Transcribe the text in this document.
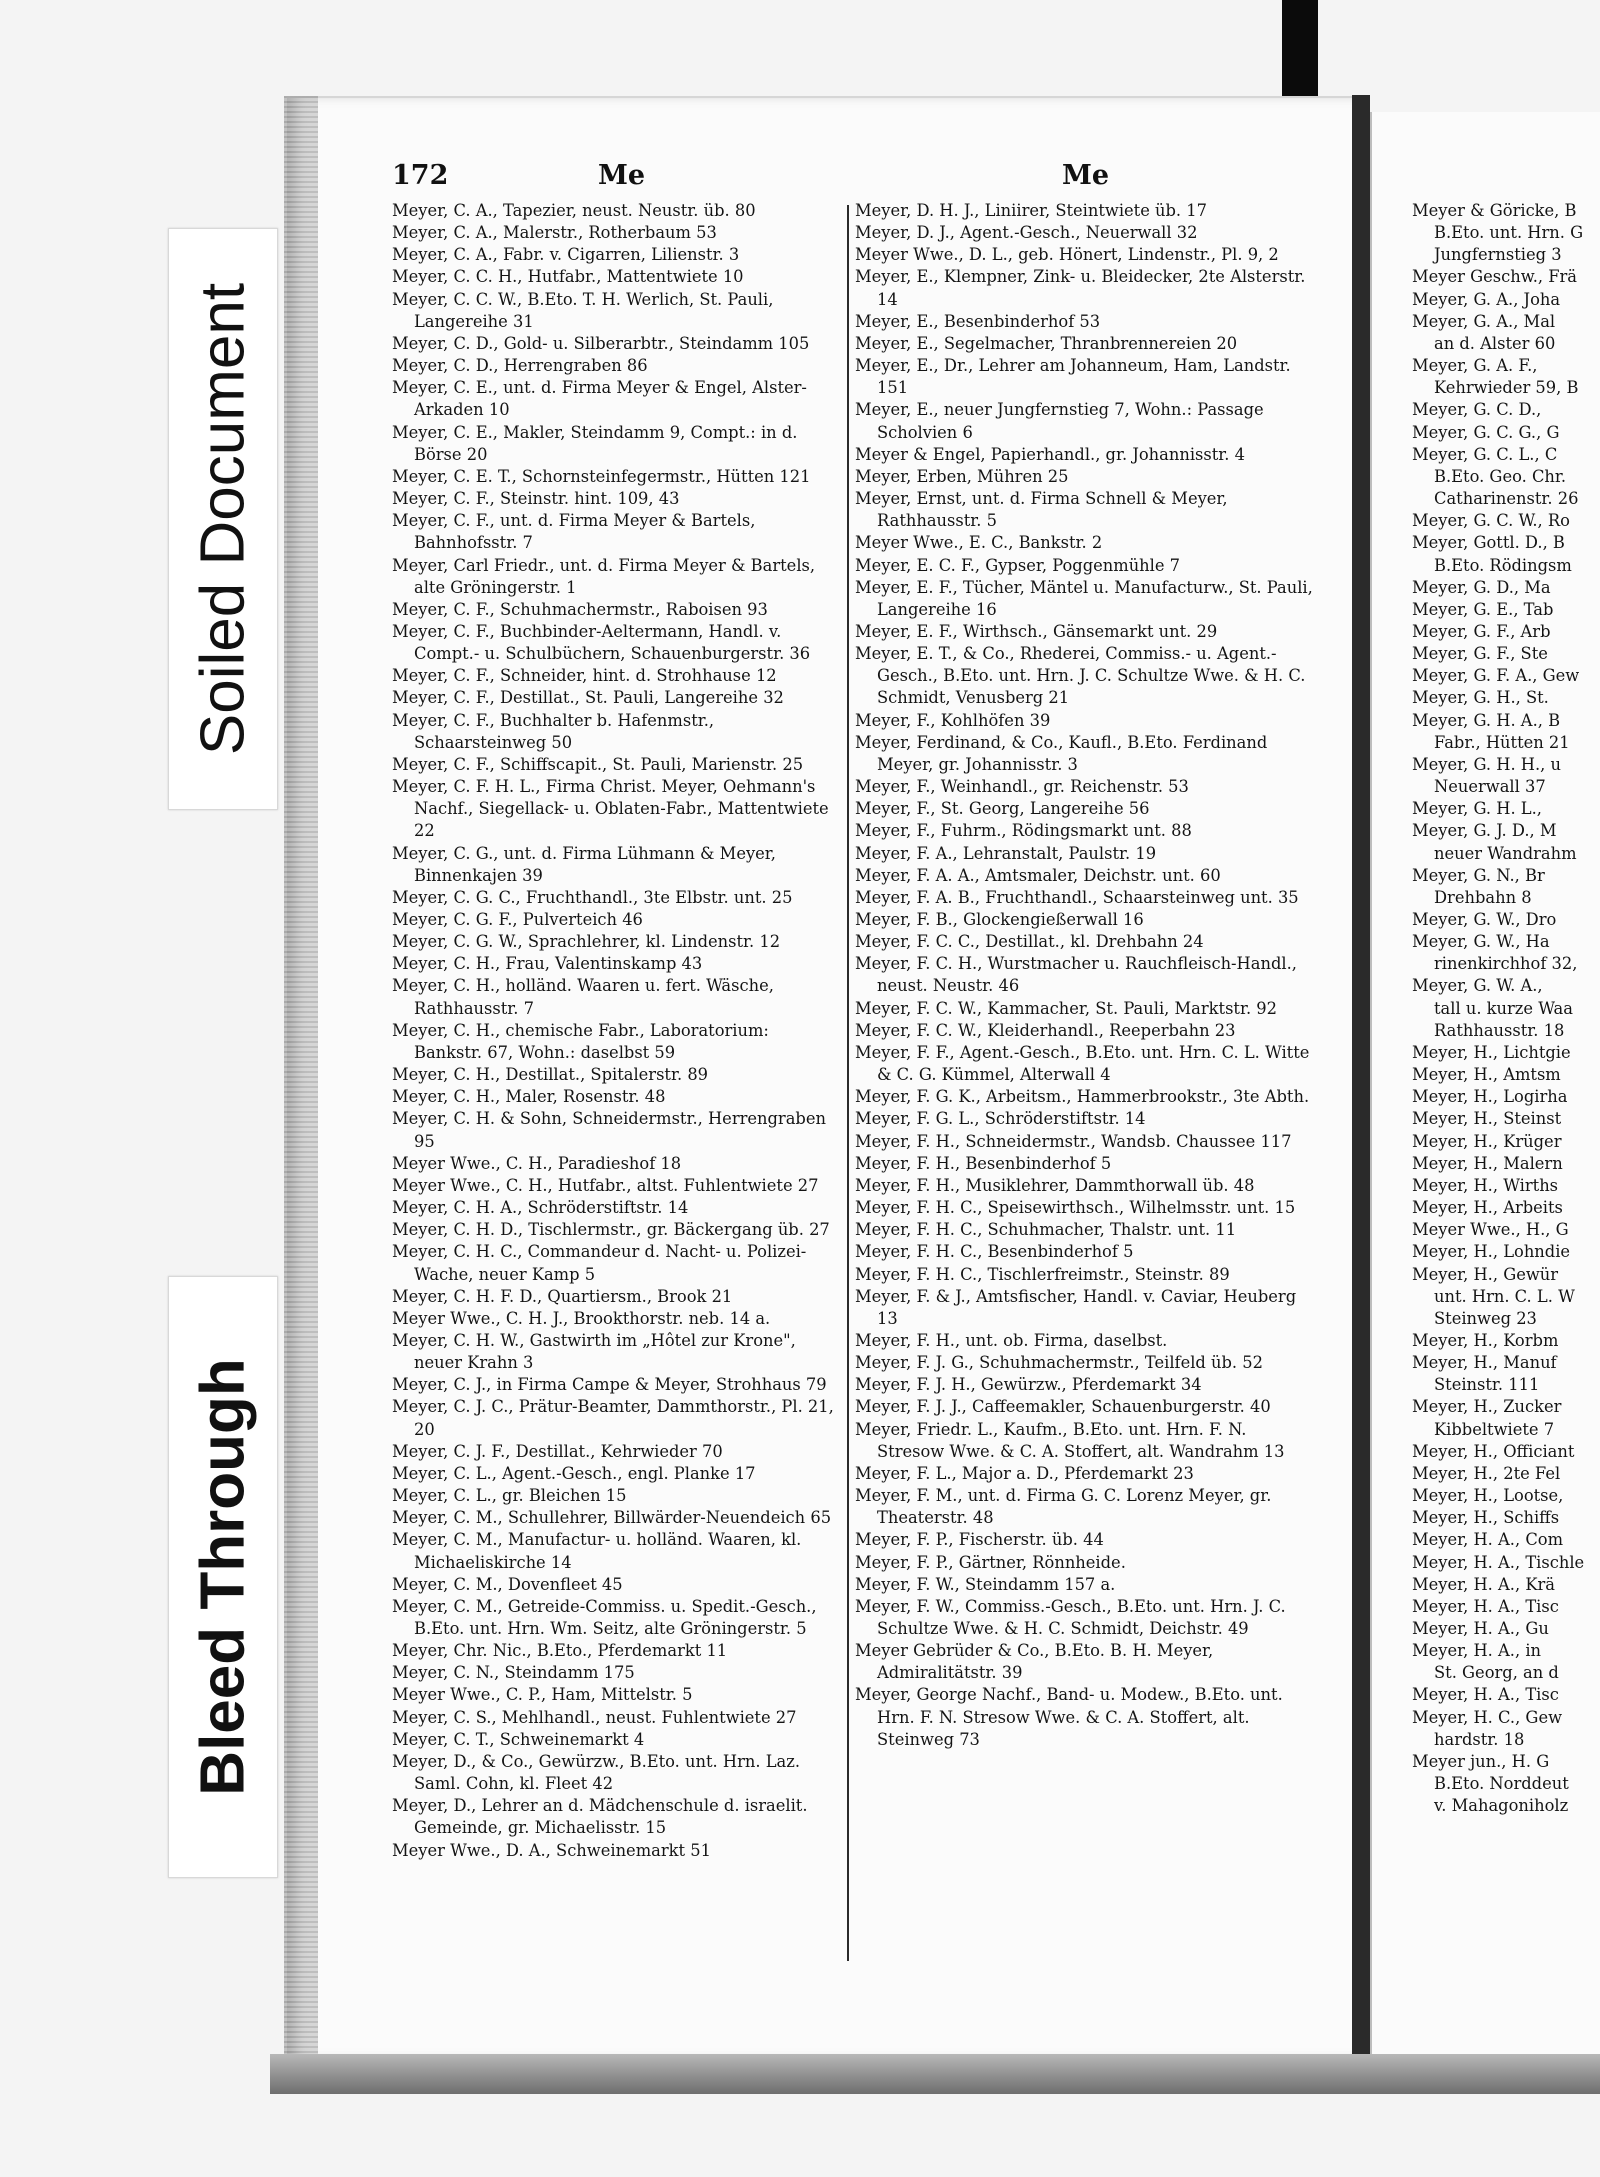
Soiled Document
Bleed Through
172	Me	Me

Meyer, C. A., Tapezier, neust. Neustr. üb. 80

Meyer, C. A., Malerstr., Rotherbaum 53

Meyer, C. A., Fabr. v. Cigarren, Lilienstr. 3

Meyer, C. C. H., Hutfabr., Mattentwiete 10

Meyer, C. C. W., B.Eto. T. H. Werlich, St. Pauli, Langereihe 31

Meyer, C. D., Gold- u. Silberarbtr., Steindamm 105

Meyer, C. D., Herrengraben 86

Meyer, C. E., unt. d. Firma Meyer & Engel, Alster-Arkaden 10

Meyer, C. E., Makler, Steindamm 9, Compt.: in d. Börse 20

Meyer, C. E. T., Schornsteinfegermstr., Hütten 121

Meyer, C. F., Steinstr. hint. 109, 43

Meyer, C. F., unt. d. Firma Meyer & Bartels, Bahnhofsstr. 7

Meyer, Carl Friedr., unt. d. Firma Meyer & Bartels, alte Gröningerstr. 1

Meyer, C. F., Schuhmachermstr., Raboisen 93

Meyer, C. F., Buchbinder-Aeltermann, Handl. v. Compt.- u. Schulbüchern, Schauenburgerstr. 36

Meyer, C. F., Schneider, hint. d. Strohhause 12

Meyer, C. F., Destillat., St. Pauli, Langereihe 32

Meyer, C. F., Buchhalter b. Hafenmstr., Schaarsteinweg 50

Meyer, C. F., Schiffscapit., St. Pauli, Marienstr. 25

Meyer, C. F. H. L., Firma Christ. Meyer, Oehmann's Nachf., Siegellack- u. Oblaten-Fabr., Mattentwiete 22

Meyer, C. G., unt. d. Firma Lühmann & Meyer, Binnenkajen 39

Meyer, C. G. C., Fruchthandl., 3te Elbstr. unt. 25

Meyer, C. G. F., Pulverteich 46

Meyer, C. G. W., Sprachlehrer, kl. Lindenstr. 12

Meyer, C. H., Frau, Valentinskamp 43

Meyer, C. H., holländ. Waaren u. fert. Wäsche, Rathhausstr. 7

Meyer, C. H., chemische Fabr., Laboratorium: Bankstr. 67, Wohn.: daselbst 59

Meyer, C. H., Destillat., Spitalerstr. 89

Meyer, C. H., Maler, Rosenstr. 48

Meyer, C. H. & Sohn, Schneidermstr., Herrengraben 95

Meyer Wwe., C. H., Paradieshof 18

Meyer Wwe., C. H., Hutfabr., altst. Fuhlentwiete 27

Meyer, C. H. A., Schröderstiftstr. 14

Meyer, C. H. D., Tischlermstr., gr. Bäckergang üb. 27

Meyer, C. H. C., Commandeur d. Nacht- u. Polizei-Wache, neuer Kamp 5

Meyer, C. H. F. D., Quartiersm., Brook 21

Meyer Wwe., C. H. J., Brookthorstr. neb. 14 a.

Meyer, C. H. W., Gastwirth im „Hôtel zur Krone", neuer Krahn 3

Meyer, C. J., in Firma Campe & Meyer, Strohhaus 79

Meyer, C. J. C., Prätur-Beamter, Dammthorstr., Pl. 21, 20

Meyer, C. J. F., Destillat., Kehrwieder 70

Meyer, C. L., Agent.-Gesch., engl. Planke 17

Meyer, C. L., gr. Bleichen 15

Meyer, C. M., Schullehrer, Billwärder-Neuendeich 65

Meyer, C. M., Manufactur- u. holländ. Waaren, kl. Michaeliskirche 14

Meyer, C. M., Dovenfleet 45

Meyer, C. M., Getreide-Commiss. u. Spedit.-Gesch., B.Eto. unt. Hrn. Wm. Seitz, alte Gröningerstr. 5

Meyer, Chr. Nic., B.Eto., Pferdemarkt 11

Meyer, C. N., Steindamm 175

Meyer Wwe., C. P., Ham, Mittelstr. 5

Meyer, C. S., Mehlhandl., neust. Fuhlentwiete 27

Meyer, C. T., Schweinemarkt 4

Meyer, D., & Co., Gewürzw., B.Eto. unt. Hrn. Laz. Saml. Cohn, kl. Fleet 42

Meyer, D., Lehrer an d. Mädchenschule d. israelit. Gemeinde, gr. Michaelisstr. 15

Meyer Wwe., D. A., Schweinemarkt 51

Meyer, D. H. J., Liniirer, Steintwiete üb. 17

Meyer, D. J., Agent.-Gesch., Neuerwall 32

Meyer Wwe., D. L., geb. Hönert, Lindenstr., Pl. 9, 2

Meyer, E., Klempner, Zink- u. Bleidecker, 2te Alsterstr. 14

Meyer, E., Besenbinderhof 53

Meyer, E., Segelmacher, Thranbrennereien 20

Meyer, E., Dr., Lehrer am Johanneum, Ham, Landstr. 151

Meyer, E., neuer Jungfernstieg 7, Wohn.: Passage Scholvien 6

Meyer & Engel, Papierhandl., gr. Johannisstr. 4

Meyer, Erben, Mühren 25

Meyer, Ernst, unt. d. Firma Schnell & Meyer, Rathhausstr. 5

Meyer Wwe., E. C., Bankstr. 2

Meyer, E. C. F., Gypser, Poggenmühle 7

Meyer, E. F., Tücher, Mäntel u. Manufacturw., St. Pauli, Langereihe 16

Meyer, E. F., Wirthsch., Gänsemarkt unt. 29

Meyer, E. T., & Co., Rhederei, Commiss.- u. Agent.-Gesch., B.Eto. unt. Hrn. J. C. Schultze Wwe. & H. C. Schmidt, Venusberg 21

Meyer, F., Kohlhöfen 39

Meyer, Ferdinand, & Co., Kaufl., B.Eto. Ferdinand Meyer, gr. Johannisstr. 3

Meyer, F., Weinhandl., gr. Reichenstr. 53

Meyer, F., St. Georg, Langereihe 56

Meyer, F., Fuhrm., Rödingsmarkt unt. 88

Meyer, F. A., Lehranstalt, Paulstr. 19

Meyer, F. A. A., Amtsmaler, Deichstr. unt. 60

Meyer, F. A. B., Fruchthandl., Schaarsteinweg unt. 35

Meyer, F. B., Glockengießerwall 16

Meyer, F. C. C., Destillat., kl. Drehbahn 24

Meyer, F. C. H., Wurstmacher u. Rauchfleisch-Handl., neust. Neustr. 46

Meyer, F. C. W., Kammacher, St. Pauli, Marktstr. 92

Meyer, F. C. W., Kleiderhandl., Reeperbahn 23

Meyer, F. F., Agent.-Gesch., B.Eto. unt. Hrn. C. L. Witte & C. G. Kümmel, Alterwall 4

Meyer, F. G. K., Arbeitsm., Hammerbrookstr., 3te Abth.

Meyer, F. G. L., Schröderstiftstr. 14

Meyer, F. H., Schneidermstr., Wandsb. Chaussee 117

Meyer, F. H., Besenbinderhof 5

Meyer, F. H., Musiklehrer, Dammthorwall üb. 48

Meyer, F. H. C., Speisewirthsch., Wilhelmsstr. unt. 15

Meyer, F. H. C., Schuhmacher, Thalstr. unt. 11

Meyer, F. H. C., Besenbinderhof 5

Meyer, F. H. C., Tischlerfreimstr., Steinstr. 89

Meyer, F. & J., Amtsfischer, Handl. v. Caviar, Heuberg 13

Meyer, F. H., unt. ob. Firma, daselbst.

Meyer, F. J. G., Schuhmachermstr., Teilfeld üb. 52

Meyer, F. J. H., Gewürzw., Pferdemarkt 34

Meyer, F. J. J., Caffeemakler, Schauenburgerstr. 40

Meyer, Friedr. L., Kaufm., B.Eto. unt. Hrn. F. N. Stresow Wwe. & C. A. Stoffert, alt. Wandrahm 13

Meyer, F. L., Major a. D., Pferdemarkt 23

Meyer, F. M., unt. d. Firma G. C. Lorenz Meyer, gr. Theaterstr. 48

Meyer, F. P., Fischerstr. üb. 44

Meyer, F. P., Gärtner, Rönnheide.

Meyer, F. W., Steindamm 157 a.

Meyer, F. W., Commiss.-Gesch., B.Eto. unt. Hrn. J. C. Schultze Wwe. & H. C. Schmidt, Deichstr. 49

Meyer Gebrüder & Co., B.Eto. B. H. Meyer, Admiralitätstr. 39

Meyer, George Nachf., Band- u. Modew., B.Eto. unt. Hrn. F. N. Stresow Wwe. & C. A. Stoffert, alt. Steinweg 73

Meyer & Göricke, B

B.Eto. unt. Hrn. G

Jungfernstieg 3

Meyer Geschw., Frä

Meyer, G. A., Joha

Meyer, G. A., Mal

an d. Alster 60

Meyer, G. A. F.,

Kehrwieder 59, B

Meyer, G. C. D.,

Meyer, G. C. G., G

Meyer, G. C. L., C

B.Eto. Geo. Chr.

Catharinenstr. 26

Meyer, G. C. W., Ro

Meyer, Gottl. D., B

B.Eto. Rödingsm

Meyer, G. D., Ma

Meyer, G. E., Tab

Meyer, G. F., Arb

Meyer, G. F., Ste

Meyer, G. F. A., Gew

Meyer, G. H., St.

Meyer, G. H. A., B

Fabr., Hütten 21

Meyer, G. H. H., u

Neuerwall 37

Meyer, G. H. L.,

Meyer, G. J. D., M

neuer Wandrahm

Meyer, G. N., Br

Drehbahn 8

Meyer, G. W., Dro

Meyer, G. W., Ha

rinenkirchhof 32,

Meyer, G. W. A.,

tall u. kurze Waa

Rathhausstr. 18

Meyer, H., Lichtgie

Meyer, H., Amtsm

Meyer, H., Logirha

Meyer, H., Steinst

Meyer, H., Krüger

Meyer, H., Malern

Meyer, H., Wirths

Meyer, H., Arbeits

Meyer Wwe., H., G

Meyer, H., Lohndie

Meyer, H., Gewür

unt. Hrn. C. L. W

Steinweg 23

Meyer, H., Korbm

Meyer, H., Manuf

Steinstr. 111

Meyer, H., Zucker

Kibbeltwiete 7

Meyer, H., Officiant

Meyer, H., 2te Fel

Meyer, H., Lootse,

Meyer, H., Schiffs

Meyer, H. A., Com

Meyer, H. A., Tischle

Meyer, H. A., Krä

Meyer, H. A., Tisc

Meyer, H. A., Gu

Meyer, H. A., in

St. Georg, an d

Meyer, H. A., Tisc

Meyer, H. C., Gew

hardstr. 18

Meyer jun., H. G

B.Eto. Norddeut

v. Mahagoniholz
